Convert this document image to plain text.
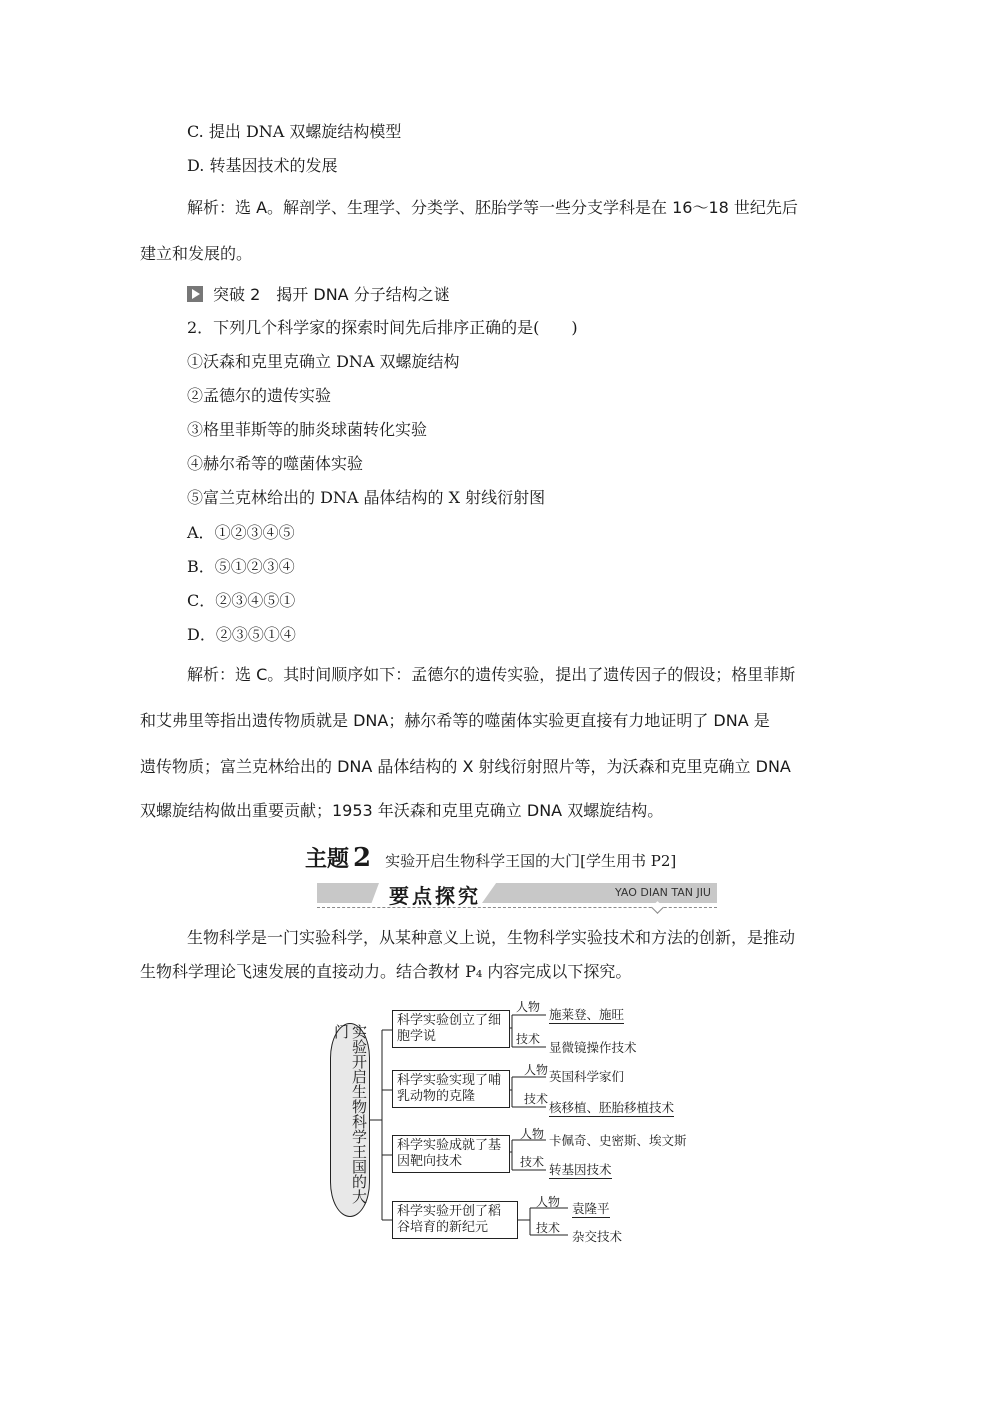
C. 提出 DNA 双螺旋结构模型
D. 转基因技术的发展
解析：选 A。解剖学、生理学、分类学、胚胎学等一些分支学科是在 16～18 世纪先后
建立和发展的。
突破 2 揭开 DNA 分子结构之谜
2．下列几个科学家的探索时间先后排序正确的是(　　)
①沃森和克里克确立 DNA 双螺旋结构
②孟德尔的遗传实验
③格里菲斯等的肺炎球菌转化实验
④赫尔希等的噬菌体实验
⑤富兰克林给出的 DNA 晶体结构的 X 射线衍射图
A．①②③④⑤
B．⑤①②③④
C．②③④⑤①
D．②③⑤①④
解析：选 C。其时间顺序如下：孟德尔的遗传实验，提出了遗传因子的假设；格里菲斯
和艾弗里等指出遗传物质就是 DNA；赫尔希等的噬菌体实验更直接有力地证明了 DNA 是
遗传物质；富兰克林给出的 DNA 晶体结构的 X 射线衍射照片等，为沃森和克里克确立 DNA
双螺旋结构做出重要贡献；1953 年沃森和克里克确立 DNA 双螺旋结构。
主题 2 实验开启生物科学王国的大门[学生用书 P2]
要点探究	YAO DIAN TAN JIU
生物科学是一门实验科学，从某种意义上说，生物科学实验技术和方法的创新，是推动
生物科学理论飞速发展的直接动力。结合教材 P₄ 内容完成以下探究。
实验开启生物科学王国的大门
科学实验创立了细胞学说
人物
技术
施莱登、施旺
显微镜操作技术
科学实验实现了哺乳动物的克隆
人物
技术
英国科学家们
核移植、胚胎移植技术
科学实验成就了基因靶向技术
人物
技术
卡佩奇、史密斯、埃文斯
转基因技术
科学实验开创了稻谷培育的新纪元
人物
技术
袁隆平
杂交技术
